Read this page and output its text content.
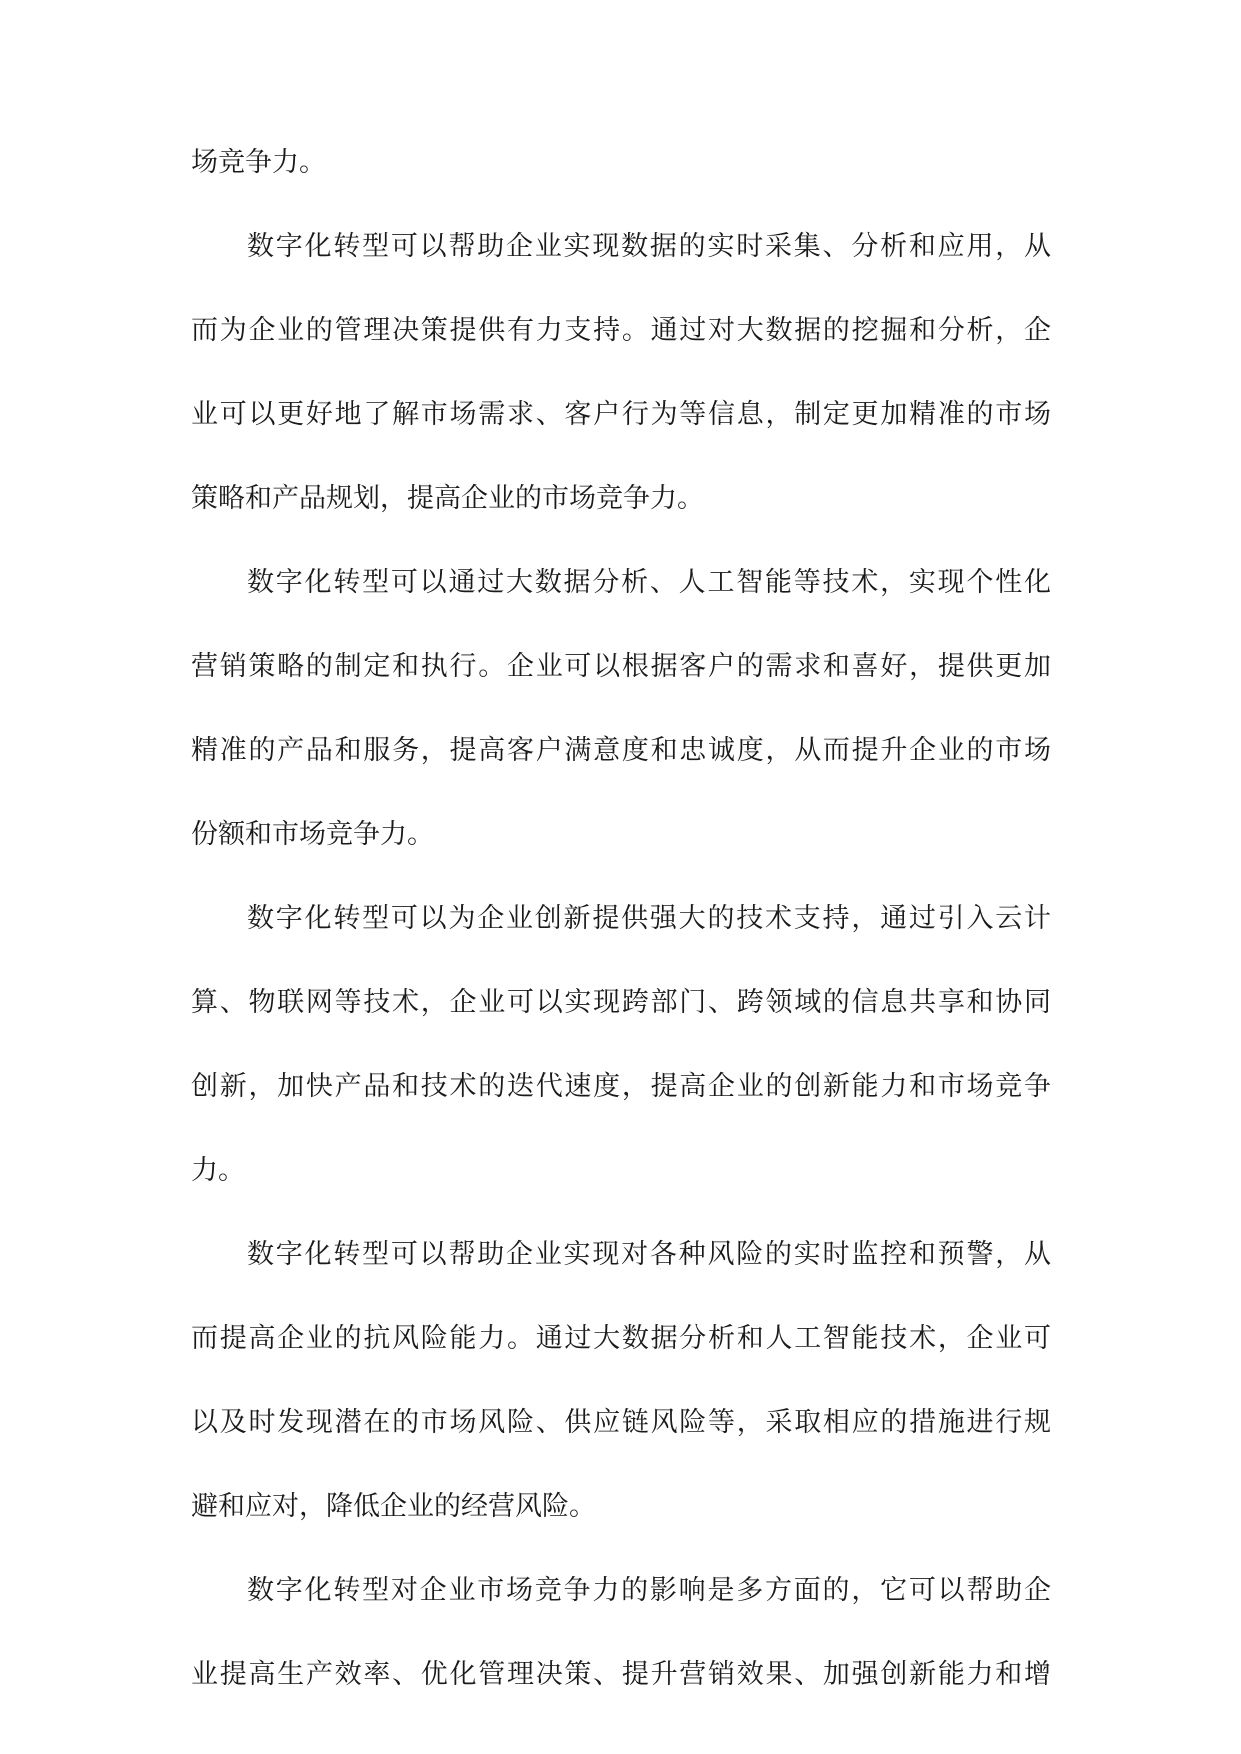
场竞争力。
数字化转型可以帮助企业实现数据的实时采集、分析和应用，从
而为企业的管理决策提供有力支持。通过对大数据的挖掘和分析，企
业可以更好地了解市场需求、客户行为等信息，制定更加精准的市场
策略和产品规划，提高企业的市场竞争力。
数字化转型可以通过大数据分析、人工智能等技术，实现个性化
营销策略的制定和执行。企业可以根据客户的需求和喜好，提供更加
精准的产品和服务，提高客户满意度和忠诚度，从而提升企业的市场
份额和市场竞争力。
数字化转型可以为企业创新提供强大的技术支持，通过引入云计
算、物联网等技术，企业可以实现跨部门、跨领域的信息共享和协同
创新，加快产品和技术的迭代速度，提高企业的创新能力和市场竞争
力。
数字化转型可以帮助企业实现对各种风险的实时监控和预警，从
而提高企业的抗风险能力。通过大数据分析和人工智能技术，企业可
以及时发现潜在的市场风险、供应链风险等，采取相应的措施进行规
避和应对，降低企业的经营风险。
数字化转型对企业市场竞争力的影响是多方面的，它可以帮助企
业提高生产效率、优化管理决策、提升营销效果、加强创新能力和增
